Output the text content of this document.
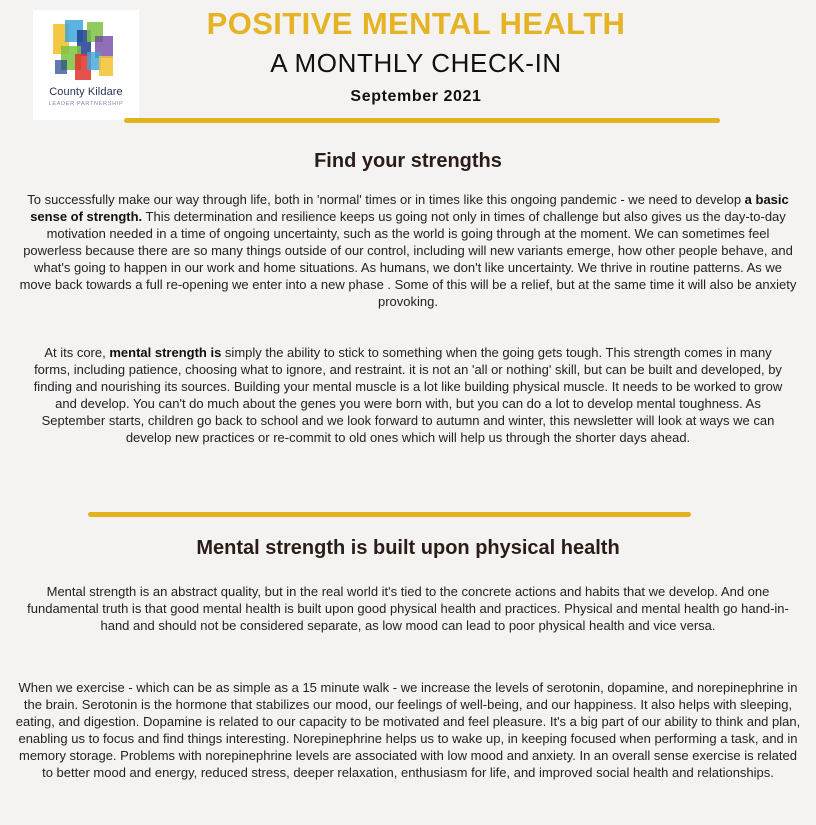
County Kildare
LEADER PARTNERSHIP
POSITIVE MENTAL HEALTH
A MONTHLY CHECK-IN
September 2021
Find your strengths

To successfully make our way through life, both in 'normal' times or in times like this ongoing pandemic - we need to develop a basic sense of strength. This determination and resilience keeps us going not only in times of challenge but also gives us the day-to-day motivation needed in a time of ongoing uncertainty, such as the world is going through at the moment. We can sometimes feel powerless because there are so many things outside of our control, including will new variants emerge, how other people behave, and what's going to happen in our work and home situations. As humans, we don't like uncertainty. We thrive in routine patterns. As we move back towards a full re-opening we enter into a new phase . Some of this will be a relief, but at the same time it will also be anxiety provoking.

At its core, mental strength is simply the ability to stick to something when the going gets tough. This strength comes in many forms, including patience, choosing what to ignore, and restraint. it is not an 'all or nothing' skill, but can be built and developed, by finding and nourishing its sources. Building your mental muscle is a lot like building physical muscle. It needs to be worked to grow and develop. You can't do much about the genes you were born with, but you can do a lot to develop mental toughness. As September starts, children go back to school and we look forward to autumn and winter, this newsletter will look at ways we can develop new practices or re-commit to old ones which will help us through the shorter days ahead.

Mental strength is built upon physical health

Mental strength is an abstract quality, but in the real world it's tied to the concrete actions and habits that we develop. And one fundamental truth is that good mental health is built upon good physical health and practices. Physical and mental health go hand-in-hand and should not be considered separate, as low mood can lead to poor physical health and vice versa.

When we exercise - which can be as simple as a 15 minute walk - we increase the levels of serotonin, dopamine, and norepinephrine in the brain. Serotonin is the hormone that stabilizes our mood, our feelings of well-being, and our happiness. It also helps with sleeping, eating, and digestion. Dopamine is related to our capacity to be motivated and feel pleasure. It's a big part of our ability to think and plan, enabling us to focus and find things interesting. Norepinephrine helps us to wake up, in keeping focused when performing a task, and in memory storage. Problems with norepinephrine levels are associated with low mood and anxiety. In an overall sense exercise is related to better mood and energy, reduced stress, deeper relaxation, enthusiasm for life, and improved social health and relationships.
